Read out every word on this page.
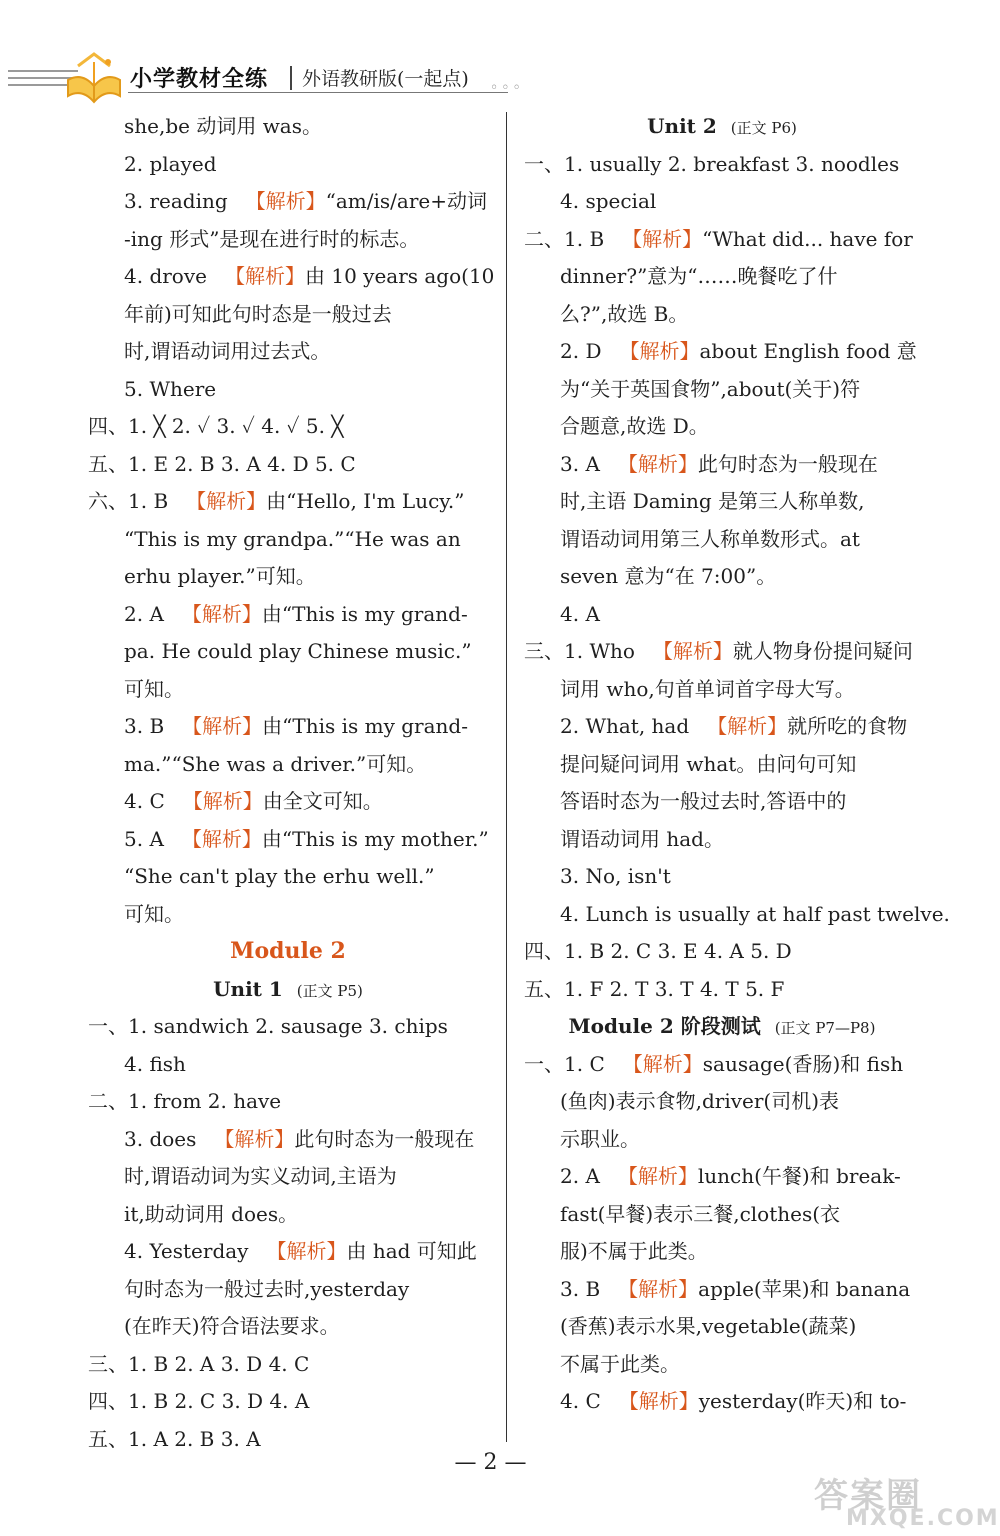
小学教材全练 外语教研版(一起点) ◦◦◦
she,be 动词用 was。
2. played
3. reading 【解析】“am/is/are+动词
-ing 形式”是现在进行时的标志。
4. drove 【解析】由 10 years ago(10
年前)可知此句时态是一般过去
时,谓语动词用过去式。
5. Where
四、1. ╳ 2. ✓ 3. ✓ 4. ✓ 5. ╳
五、1. E 2. B 3. A 4. D 5. C
六、1. B 【解析】由“Hello, I'm Lucy.”
“This is my grandpa.”“He was an
erhu player.”可知。
2. A 【解析】由“This is my grand-
pa. He could play Chinese music.”
可知。
3. B 【解析】由“This is my grand-
ma.”“She was a driver.”可知。
4. C 【解析】由全文可知。
5. A 【解析】由“This is my mother.”
“She can't play the erhu well.”
可知。
Module 2
Unit 1 (正文 P5)
一、1. sandwich 2. sausage 3. chips
4. fish
二、1. from 2. have
3. does 【解析】此句时态为一般现在
时,谓语动词为实义动词,主语为
it,助动词用 does。
4. Yesterday 【解析】由 had 可知此
句时态为一般过去时,yesterday
(在昨天)符合语法要求。
三、1. B 2. A 3. D 4. C
四、1. B 2. C 3. D 4. A
五、1. A 2. B 3. A
Unit 2 (正文 P6)
一、1. usually 2. breakfast 3. noodles
4. special
二、1. B 【解析】“What did... have for
dinner?”意为“……晚餐吃了什
么?”,故选 B。
2. D 【解析】about English food 意
为“关于英国食物”,about(关于)符
合题意,故选 D。
3. A 【解析】此句时态为一般现在
时,主语 Daming 是第三人称单数,
谓语动词用第三人称单数形式。at
seven 意为“在 7:00”。
4. A
三、1. Who 【解析】就人物身份提问疑问
词用 who,句首单词首字母大写。
2. What, had 【解析】就所吃的食物
提问疑问词用 what。由问句可知
答语时态为一般过去时,答语中的
谓语动词用 had。
3. No, isn't
4. Lunch is usually at half past twelve.
四、1. B 2. C 3. E 4. A 5. D
五、1. F 2. T 3. T 4. T 5. F
Module 2 阶段测试 (正文 P7—P8)
一、1. C 【解析】sausage(香肠)和 fish
(鱼肉)表示食物,driver(司机)表
示职业。
2. A 【解析】lunch(午餐)和 break-
fast(早餐)表示三餐,clothes(衣
服)不属于此类。
3. B 【解析】apple(苹果)和 banana
(香蕉)表示水果,vegetable(蔬菜)
不属于此类。
4. C 【解析】yesterday(昨天)和 to-
— 2 —
答案圈
MXQE.COM
